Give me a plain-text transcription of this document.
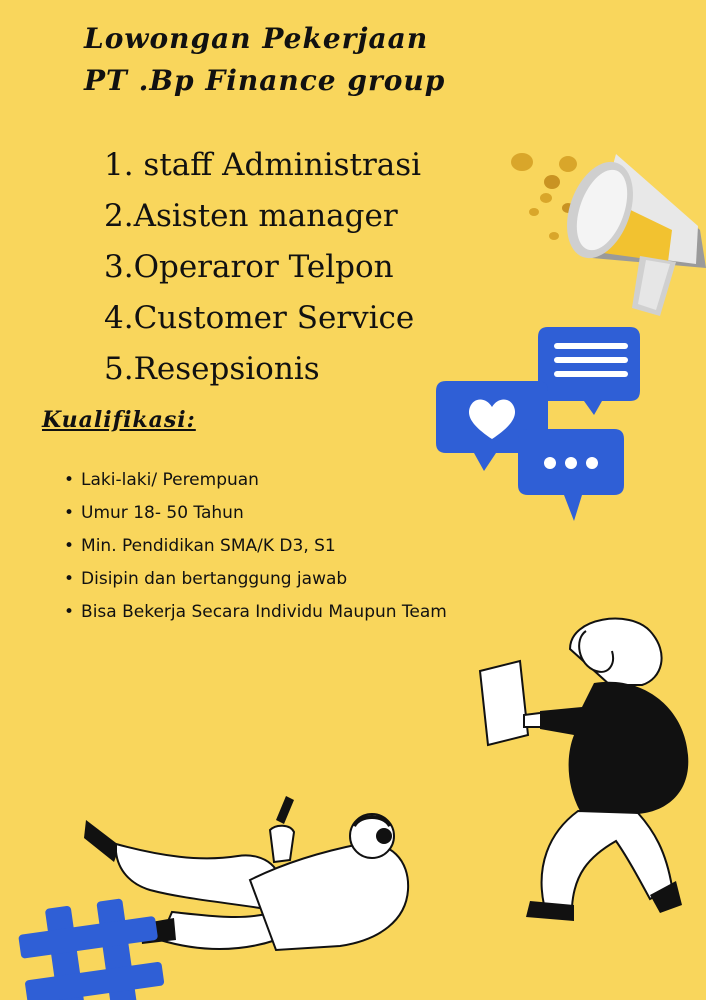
Lowongan Pekerjaan
PT .Bp Finance group
1. staff Administrasi
2.Asisten manager
3.Operaror Telpon
4.Customer Service
5.Resepsionis
Kualifikasi:
• Laki-laki/ Perempuan
• Umur 18- 50 Tahun
• Min. Pendidikan SMA/K D3, S1
• Disipin dan bertanggung jawab
• Bisa Bekerja Secara Individu Maupun Team
